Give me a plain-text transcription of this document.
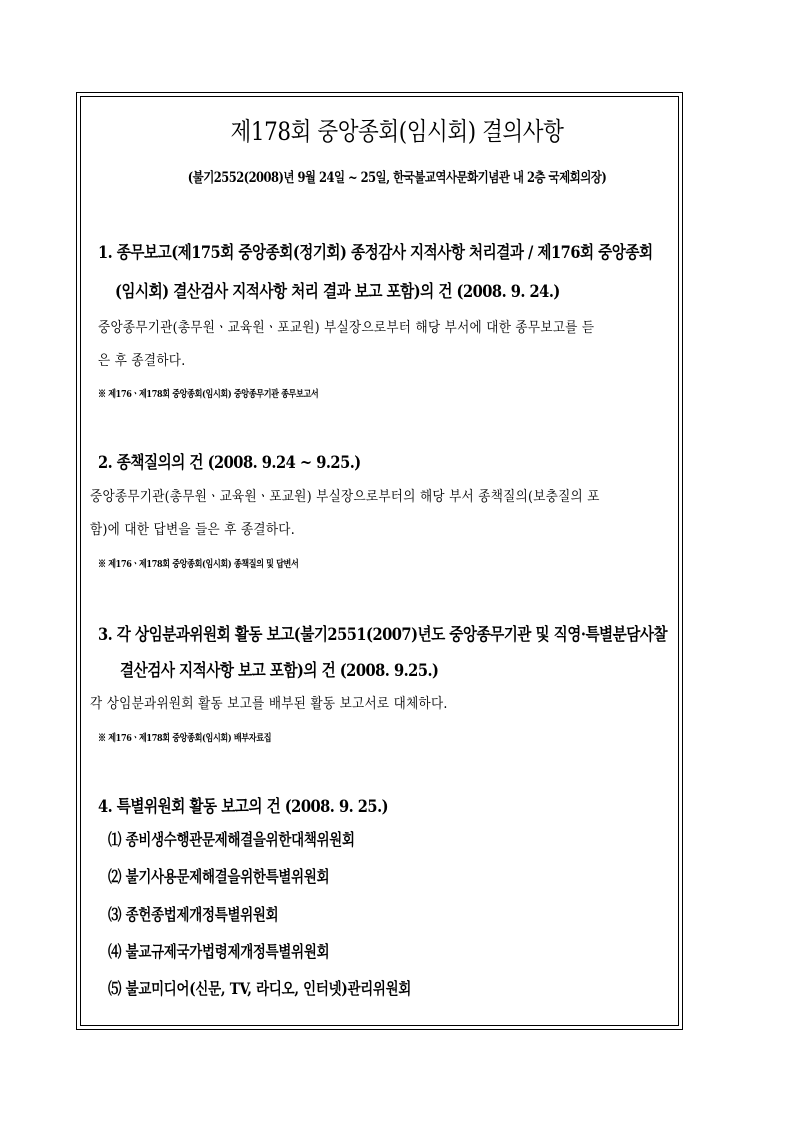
제178회 중앙종회(임시회) 결의사항
(불기2552(2008)년 9월 24일 ~ 25일, 한국불교역사문화기념관 내 2층 국제회의장)
1. 종무보고(제175회 중앙종회(정기회) 종정감사 지적사항 처리결과 / 제176회 중앙종회
(임시회) 결산검사 지적사항 처리 결과 보고 포함)의 건 (2008. 9. 24.)
중앙종무기관(총무원ㆍ교육원ㆍ포교원) 부실장으로부터 해당 부서에 대한 종무보고를 듣
은 후 종결하다.
※ 제176ㆍ제178회 중앙종회(임시회) 중앙종무기관 종무보고서
2. 종책질의의 건 (2008. 9.24 ~ 9.25.)
중앙종무기관(총무원ㆍ교육원ㆍ포교원) 부실장으로부터의 해당 부서 종책질의(보충질의 포
함)에 대한 답변을 들은 후 종결하다.
※ 제176ㆍ제178회 중앙종회(임시회) 종책질의 및 답변서
3. 각 상임분과위원회 활동 보고(불기2551(2007)년도 중앙종무기관 및 직영·특별분담사찰
결산검사 지적사항 보고 포함)의 건 (2008. 9.25.)
각 상임분과위원회 활동 보고를 배부된 활동 보고서로 대체하다.
※ 제176ㆍ제178회 중앙종회(임시회) 배부자료집
4. 특별위원회 활동 보고의 건 (2008. 9. 25.)
⑴ 종비생수행관문제해결을위한대책위원회
⑵ 불기사용문제해결을위한특별위원회
⑶ 종헌종법제개정특별위원회
⑷ 불교규제국가법령제개정특별위원회
⑸ 불교미디어(신문, TV, 라디오, 인터넷)관리위원회
